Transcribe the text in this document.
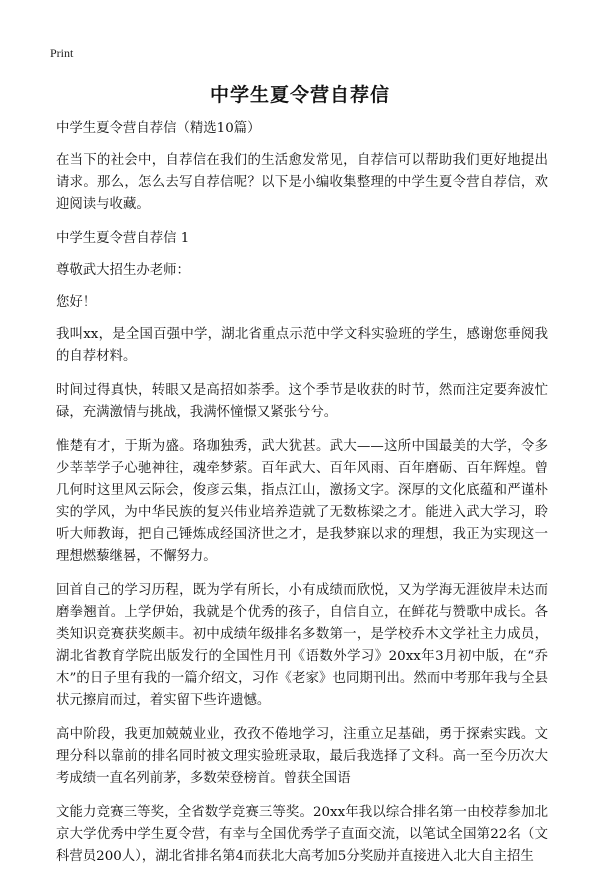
Print
中学生夏令营自荐信

中学生夏令营自荐信（精选10篇）

在当下的社会中，自荐信在我们的生活愈发常见，自荐信可以帮助我们更好地提出请求。那么，怎么去写自荐信呢？以下是小编收集整理的中学生夏令营自荐信，欢迎阅读与收藏。

中学生夏令营自荐信 1

尊敬武大招生办老师：

您好！

我叫xx，是全国百强中学，湖北省重点示范中学文科实验班的学生，感谢您垂阅我的自荐材料。

时间过得真快，转眼又是高招如荼季。这个季节是收获的时节，然而注定要奔波忙碌，充满激情与挑战，我满怀憧憬又紧张兮兮。

惟楚有才，于斯为盛。珞珈独秀，武大犹甚。武大——这所中国最美的大学，令多少莘莘学子心驰神往，魂牵梦萦。百年武大、百年风雨、百年磨砺、百年辉煌。曾几何时这里风云际会，俊彦云集，指点江山，激扬文字。深厚的文化底蕴和严谨朴实的学风，为中华民族的复兴伟业培养造就了无数栋梁之才。能进入武大学习，聆听大师教诲，把自己锤炼成经国济世之才，是我梦寐以求的理想，我正为实现这一理想燃藜继晷，不懈努力。

回首自己的学习历程，既为学有所长，小有成绩而欣悦，又为学海无涯彼岸未达而磨拳翘首。上学伊始，我就是个优秀的孩子，自信自立，在鲜花与赞歌中成长。各类知识竞赛获奖颇丰。初中成绩年级排名多数第一，是学校乔木文学社主力成员，湖北省教育学院出版发行的全国性月刊《语数外学习》20xx年3月初中版，在“乔木”的日子里有我的一篇介绍文，习作《老家》也同期刊出。然而中考那年我与全县状元擦肩而过，着实留下些许遗憾。

高中阶段，我更加兢兢业业，孜孜不倦地学习，注重立足基础，勇于探索实践。文理分科以靠前的排名同时被文理实验班录取，最后我选择了文科。高一至今历次大考成绩一直名列前茅，多数荣登榜首。曾获全国语

文能力竞赛三等奖，全省数学竞赛三等奖。20xx年我以综合排名第一由校荐参加北京大学优秀中学生夏令营，有幸与全国优秀学子直面交流，以笔试全国第22名（文科营员200人），湖北省排名第4而获北大高考加5分奖励并直接进入北大自主招生
